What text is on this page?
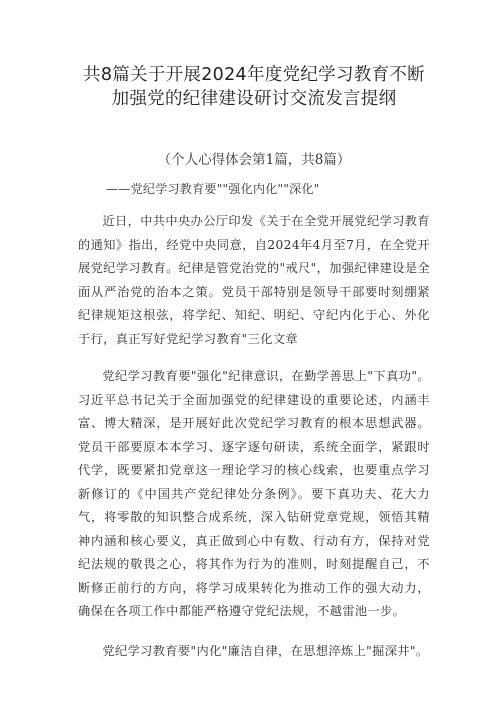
共8篇关于开展2024年度党纪学习教育不断加强党的纪律建设研讨交流发言提纲
（个人心得体会第1篇，共8篇）
——党纪学习教育要""强化内化""深化"

近日，中共中央办公厅印发《关于在全党开展党纪学习教育的通知》指出，经党中央同意，自2024年4月至7月，在全党开展党纪学习教育。纪律是管党治党的"戒尺"，加强纪律建设是全面从严治党的治本之策。党员干部特别是领导干部要时刻绷紧纪律规矩这根弦，将学纪、知纪、明纪、守纪内化于心、外化于行，真正写好党纪学习教育"三化文章

党纪学习教育要"强化"纪律意识，在勤学善思上"下真功"。习近平总书记关于全面加强党的纪律建设的重要论述，内涵丰富、博大精深，是开展好此次党纪学习教育的根本思想武器。党员干部要原本本学习、逐字逐句研读，系统全面学，紧跟时代学，既要紧扣党章这一理论学习的核心线索，也要重点学习新修订的《中国共产党纪律处分条例》。要下真功夫、花大力气，将零散的知识整合成系统，深入钻研党章党规，领悟其精神内涵和核心要义，真正做到心中有数、行动有方，保持对党纪法规的敬畏之心，将其作为行为的准则，时刻提醒自己，不断修正前行的方向，将学习成果转化为推动工作的强大动力，确保在各项工作中都能严格遵守党纪法规，不越雷池一步。

党纪学习教育要"内化"廉洁自律，在思想淬炼上"掘深井"。
